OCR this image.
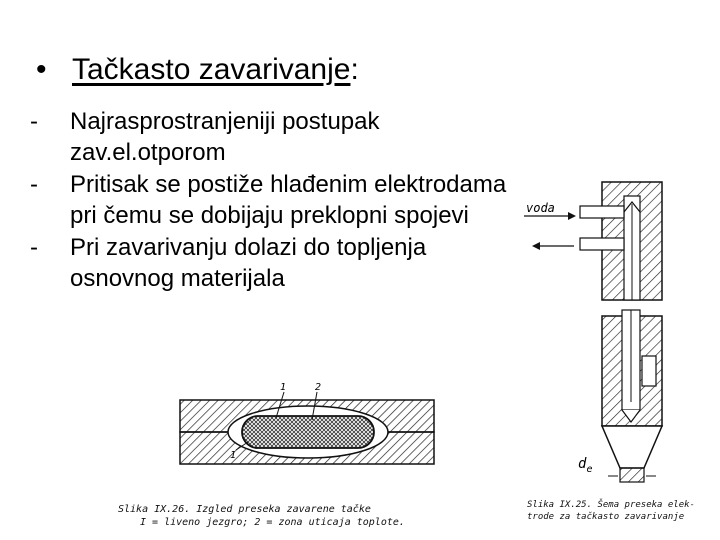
• Tačkasto zavarivanje:
-	Najrasprostranjeniji postupak zav.el.otporom
-	Pritisak se postiže hlađenim elektrodama pri čemu se dobijaju preklopni spojevi
-	Pri zavarivanju dolazi do topljenja osnovnog materijala
1	2
1
Slika IX.26. Izgled preseka zavarene tačke
I = liveno jezgro; 2 = zona uticaja toplote.
voda
$d_e$
Slika IX.25. Šema preseka elek-
trode za tačkasto zavarivanje
